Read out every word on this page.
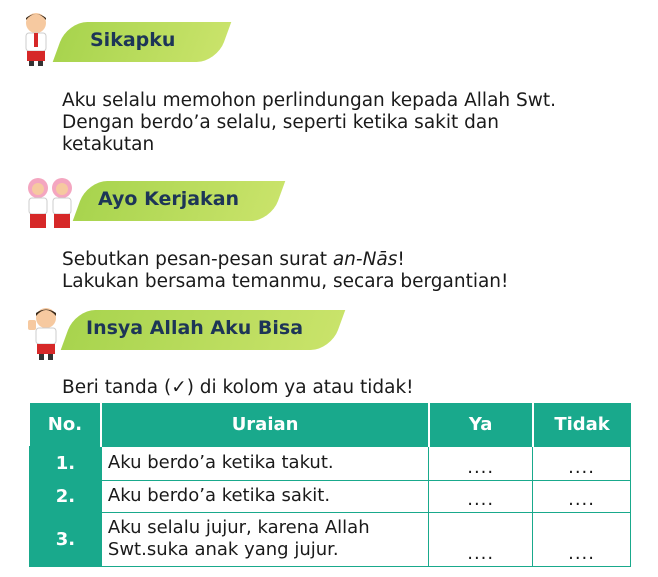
Sikapku

Aku selalu memohon perlindungan kepada Allah Swt.

Dengan berdo’a selalu, seperti ketika sakit dan

ketakutan

Ayo Kerjakan

Sebutkan pesan-pesan surat an-Nās!

Lakukan bersama temanmu, secara bergantian!

Insya Allah Aku Bisa
Beri tanda (✓) di kolom ya atau tidak!
No.	Uraian	Ya	Tidak
1.	Aku berdo’a ketika takut.	....	....
2.	Aku berdo’a ketika sakit.	....	....
3.	Aku selalu jujur, karena Allah
Swt.suka anak yang jujur.	....	....
